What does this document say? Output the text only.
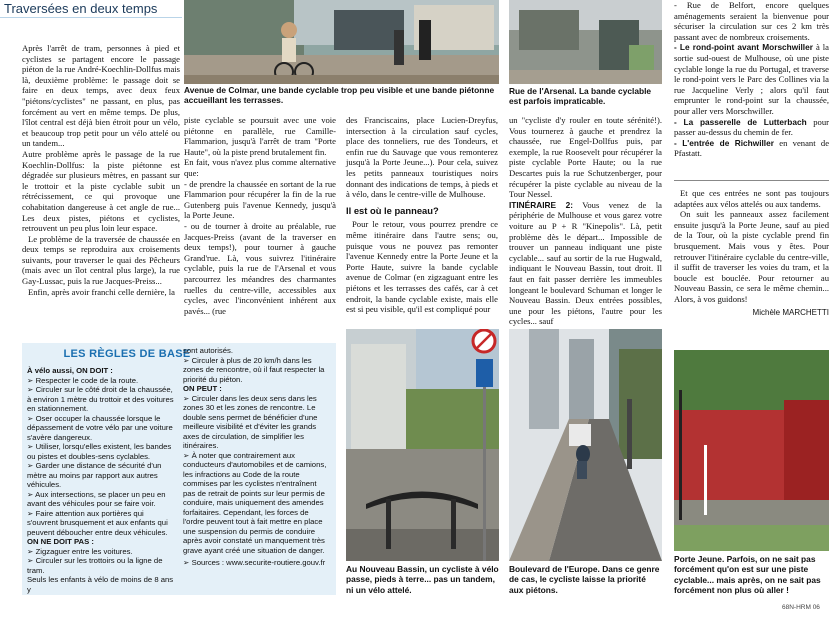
Traversées en deux temps

Après l'arrêt de tram, personnes à pied et cyclistes se partagent encore le passage piéton de la rue André-Koechlin-Dollfus mais là, deuxième problème: le passage doit se faire en deux temps, avec deux feux "piétons/cyclistes" ne passant, en plus, pas forcément au vert en même temps. De plus, l'îlot central est déjà bien étroit pour un vélo, et beaucoup trop petit pour un vélo attelé ou un tandem...

Autre problème après le passage de la rue Koechlin-Dollfus: la piste piétonne est dégradée sur plusieurs mètres, en passant sur le trottoir et la piste cyclable subit un rétrécissement, ce qui provoque une cohabitation dangereuse à cet angle de rue... Les deux pistes, piétons et cyclistes, retrouvent un peu plus loin leur espace.

Le problème de la traversée de chaussée en deux temps se reproduira aux croisements suivants, pour traverser le quai des Pêcheurs (mais avec un îlot central plus large), la rue Gay-Lussac, puis la rue Jacques-Preiss...

Enfin, après avoir franchi celle dernière, la

Avenue de Colmar, une bande cyclable trop peu visible et une bande piétonne accueillant les terrasses.
Rue de l'Arsenal. La bande cyclable est parfois impraticable.

piste cyclable se poursuit avec une voie piétonne en parallèle, rue Camille-Flammarion, jusqu'à l'arrêt de tram "Porte Haute", où la piste prend brutalement fin.

En fait, vous n'avez plus comme alternative que:

- de prendre la chaussée en sortant de la rue Flammarion pour récupérer la fin de la rue Gutenberg puis l'avenue Kennedy, jusqu'à la Porte Jeune.

- ou de tourner à droite au préalable, rue Jacques-Preiss (avant de la traverser en deux temps!), pour tourner à gauche Grand'rue. Là, vous suivrez l'itinéraire cyclable, puis la rue de l'Arsenal et vous parcourrez les méandres des charmantes ruelles du centre-ville, accessibles aux cycles, avec l'inconvénient inhérent aux pavés... (rue

des Franciscains, place Lucien-Dreyfus, intersection à la circulation sauf cycles, place des tonneliers, rue des Tondeurs, et enfin rue du Sauvage que vous remonterez jusqu'à la Porte Jeune...). Pour cela, suivez les petits panneaux touristiques noirs donnant des indications de temps, à pieds et à vélo, dans le centre-ville de Mulhouse.

Il est où le panneau?

Pour le retour, vous pourrez prendre ce même itinéraire dans l'autre sens; ou, puisque vous ne pouvez pas remonter l'avenue Kennedy entre la Porte Jeune et la Porte Haute, suivre la bande cyclable avenue de Colmar (en zigzaguant entre les piétons et les terrasses des cafés, car à cet endroit, la bande cyclable existe, mais elle est si peu visible, qu'il est compliqué pour

un "cycliste d'y rouler en toute sérénité!). Vous tournerez à gauche et prendrez la chaussée, rue Engel-Dollfus puis, par exemple, la rue Roosevelt pour récupérer la piste cyclable Porte Haute; ou la rue Descartes puis la rue Schutzenberger, pour récupérer la piste cyclable au niveau de la Tour Nessel.

ITINÉRAIRE 2: Vous venez de la périphérie de Mulhouse et vous garez votre voiture au P + R "Kinepolis". Là, petit problème dès le départ... Impossible de trouver un panneau indiquant une piste cyclable... sauf au sortir de la rue Hugwald, indiquant le Nouveau Bassin, tout droit. Il faut en fait passer derrière les immeubles longeant le boulevard Schuman et longer le Nouveau Bassin. Deux entrées possibles, une pour les piétons, l'autre pour les cycles... sauf

- Rue de Belfort, encore quelques aménagements seraient la bienvenue pour sécuriser la circulation sur ces 2 km très passant avec de nombreux croisements.

- Le rond-point avant Morschwiller à la sortie sud-ouest de Mulhouse, où une piste cyclable longe la rue du Portugal, et traverse le rond-point vers le Parc des Collines via la rue Jacqueline Verly ; alors qu'il faut emprunter le rond-point sur la chaussée, pour aller vers Morschwiller.

- La passerelle de Lutterbach pour passer au-dessus du chemin de fer.

- L'entrée de Richwiller en venant de Pfastatt.

Et que ces entrées ne sont pas toujours adaptées aux vélos attelés ou aux tandems.

On suit les panneaux assez facilement ensuite jusqu'à la Porte Jeune, sauf au pied de la Tour, où la piste cyclable prend fin brusquement. Mais vous y êtes. Pour retrouver l'itinéraire cyclable du centre-ville, il suffit de traverser les voies du tram, et la boucle est bouclée. Pour retourner au Nouveau Bassin, ce sera le même chemin... Alors, à vos guidons!

Michèle MARCHETTI
LES RÈGLES DE BASE
À vélo aussi, ON DOIT :
➢ Respecter le code de la route.
➢ Circuler sur le côté droit de la chaussée, à environ 1 mètre du trottoir et des voitures en stationnement.
➢ Oser occuper la chaussée lorsque le dépassement de votre vélo par une voiture s'avère dangereux.
➢ Utiliser, lorsqu'elles existent, les bandes ou pistes et doubles-sens cyclables.
➢ Garder une distance de sécurité d'un mètre au moins par rapport aux autres véhicules.
➢ Aux intersections, se placer un peu en avant des véhicules pour se faire voir.
➢ Faire attention aux portières qui s'ouvrent brusquement et aux enfants qui peuvent déboucher entre deux véhicules.
ON NE DOIT PAS :
➢ Zigzaguer entre les voitures.
➢ Circuler sur les trottoirs ou la ligne de tram.
Seuls les enfants à vélo de moins de 8 ans y
sont autorisés.
➢ Circuler à plus de 20 km/h dans les zones de rencontre, où il faut respecter la priorité du piéton.
ON PEUT :
➢ Circuler dans les deux sens dans les zones 30 et les zones de rencontre. Le double sens permet de bénéficier d'une meilleure visibilité et d'éviter les grands axes de circulation, de simplifier les itinéraires.
➢ À noter que contrairement aux conducteurs d'automobiles et de camions, les infractions au Code de la route commises par les cyclistes n'entraînent pas de retrait de points sur leur permis de conduire, mais uniquement des amendes forfaitaires. Cependant, les forces de l'ordre peuvent tout à fait mettre en place une suspension du permis de conduire après avoir constaté un manquement très grave ayant créé une situation de danger.
➢ Sources : www.securite-routiere.gouv.fr
Au Nouveau Bassin, un cycliste à vélo passe, pieds à terre... pas un tandem, ni un vélo attelé.
Boulevard de l'Europe. Dans ce genre de cas, le cycliste laisse la priorité aux piétons.
Porte Jeune. Parfois, on ne sait pas forcément qu'on est sur une piste cyclable... mais après, on ne sait pas forcément non plus où aller !
68N-HRM 06
